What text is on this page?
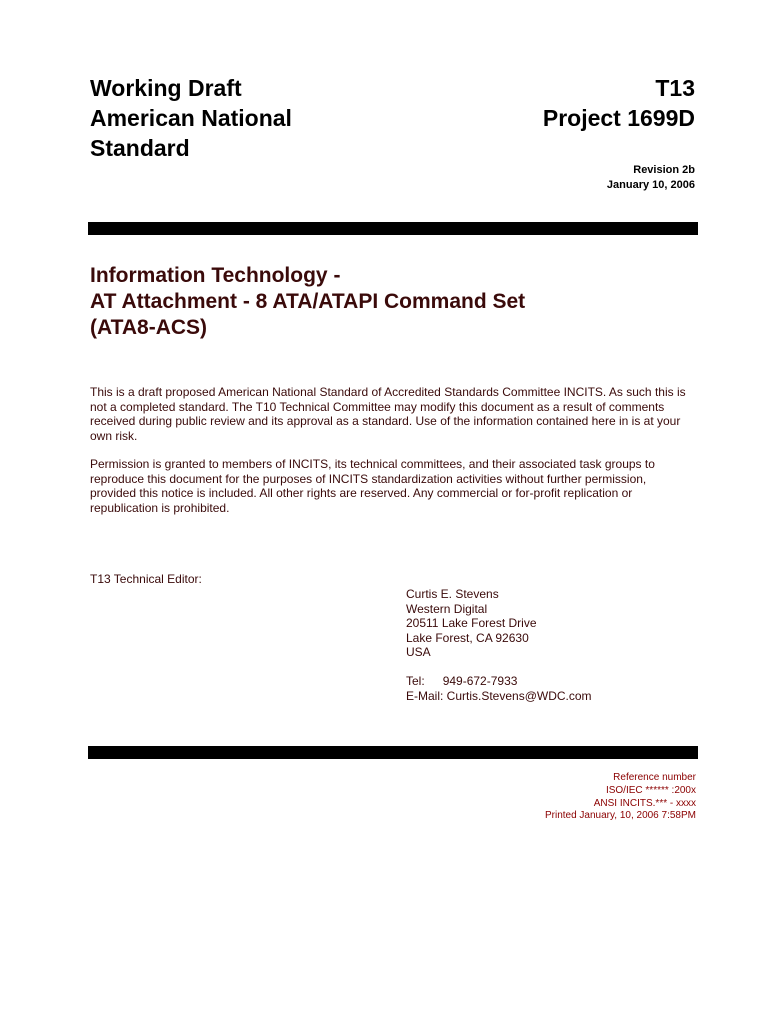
Working Draft
American National
Standard
T13
Project 1699D
Revision 2b
January 10, 2006
Information Technology -
AT Attachment - 8 ATA/ATAPI Command Set
(ATA8-ACS)
This is a draft proposed American National Standard of Accredited Standards Committee INCITS. As such this is not a completed standard. The T10 Technical Committee may modify this document as a result of comments received during public review and its approval as a standard. Use of the information contained here in is at your own risk.
Permission is granted to members of INCITS, its technical committees, and their associated task groups to reproduce this document for the purposes of INCITS standardization activities without further permission, provided this notice is included. All other rights are reserved. Any commercial or for-profit replication or republication is prohibited.
T13 Technical Editor:
Curtis E. Stevens
Western Digital
20511 Lake Forest Drive
Lake Forest, CA 92630
USA
Tel: 949-672-7933
E-Mail: Curtis.Stevens@WDC.com
Reference number
ISO/IEC ****** :200x
ANSI INCITS.*** - xxxx
Printed January, 10, 2006 7:58PM
